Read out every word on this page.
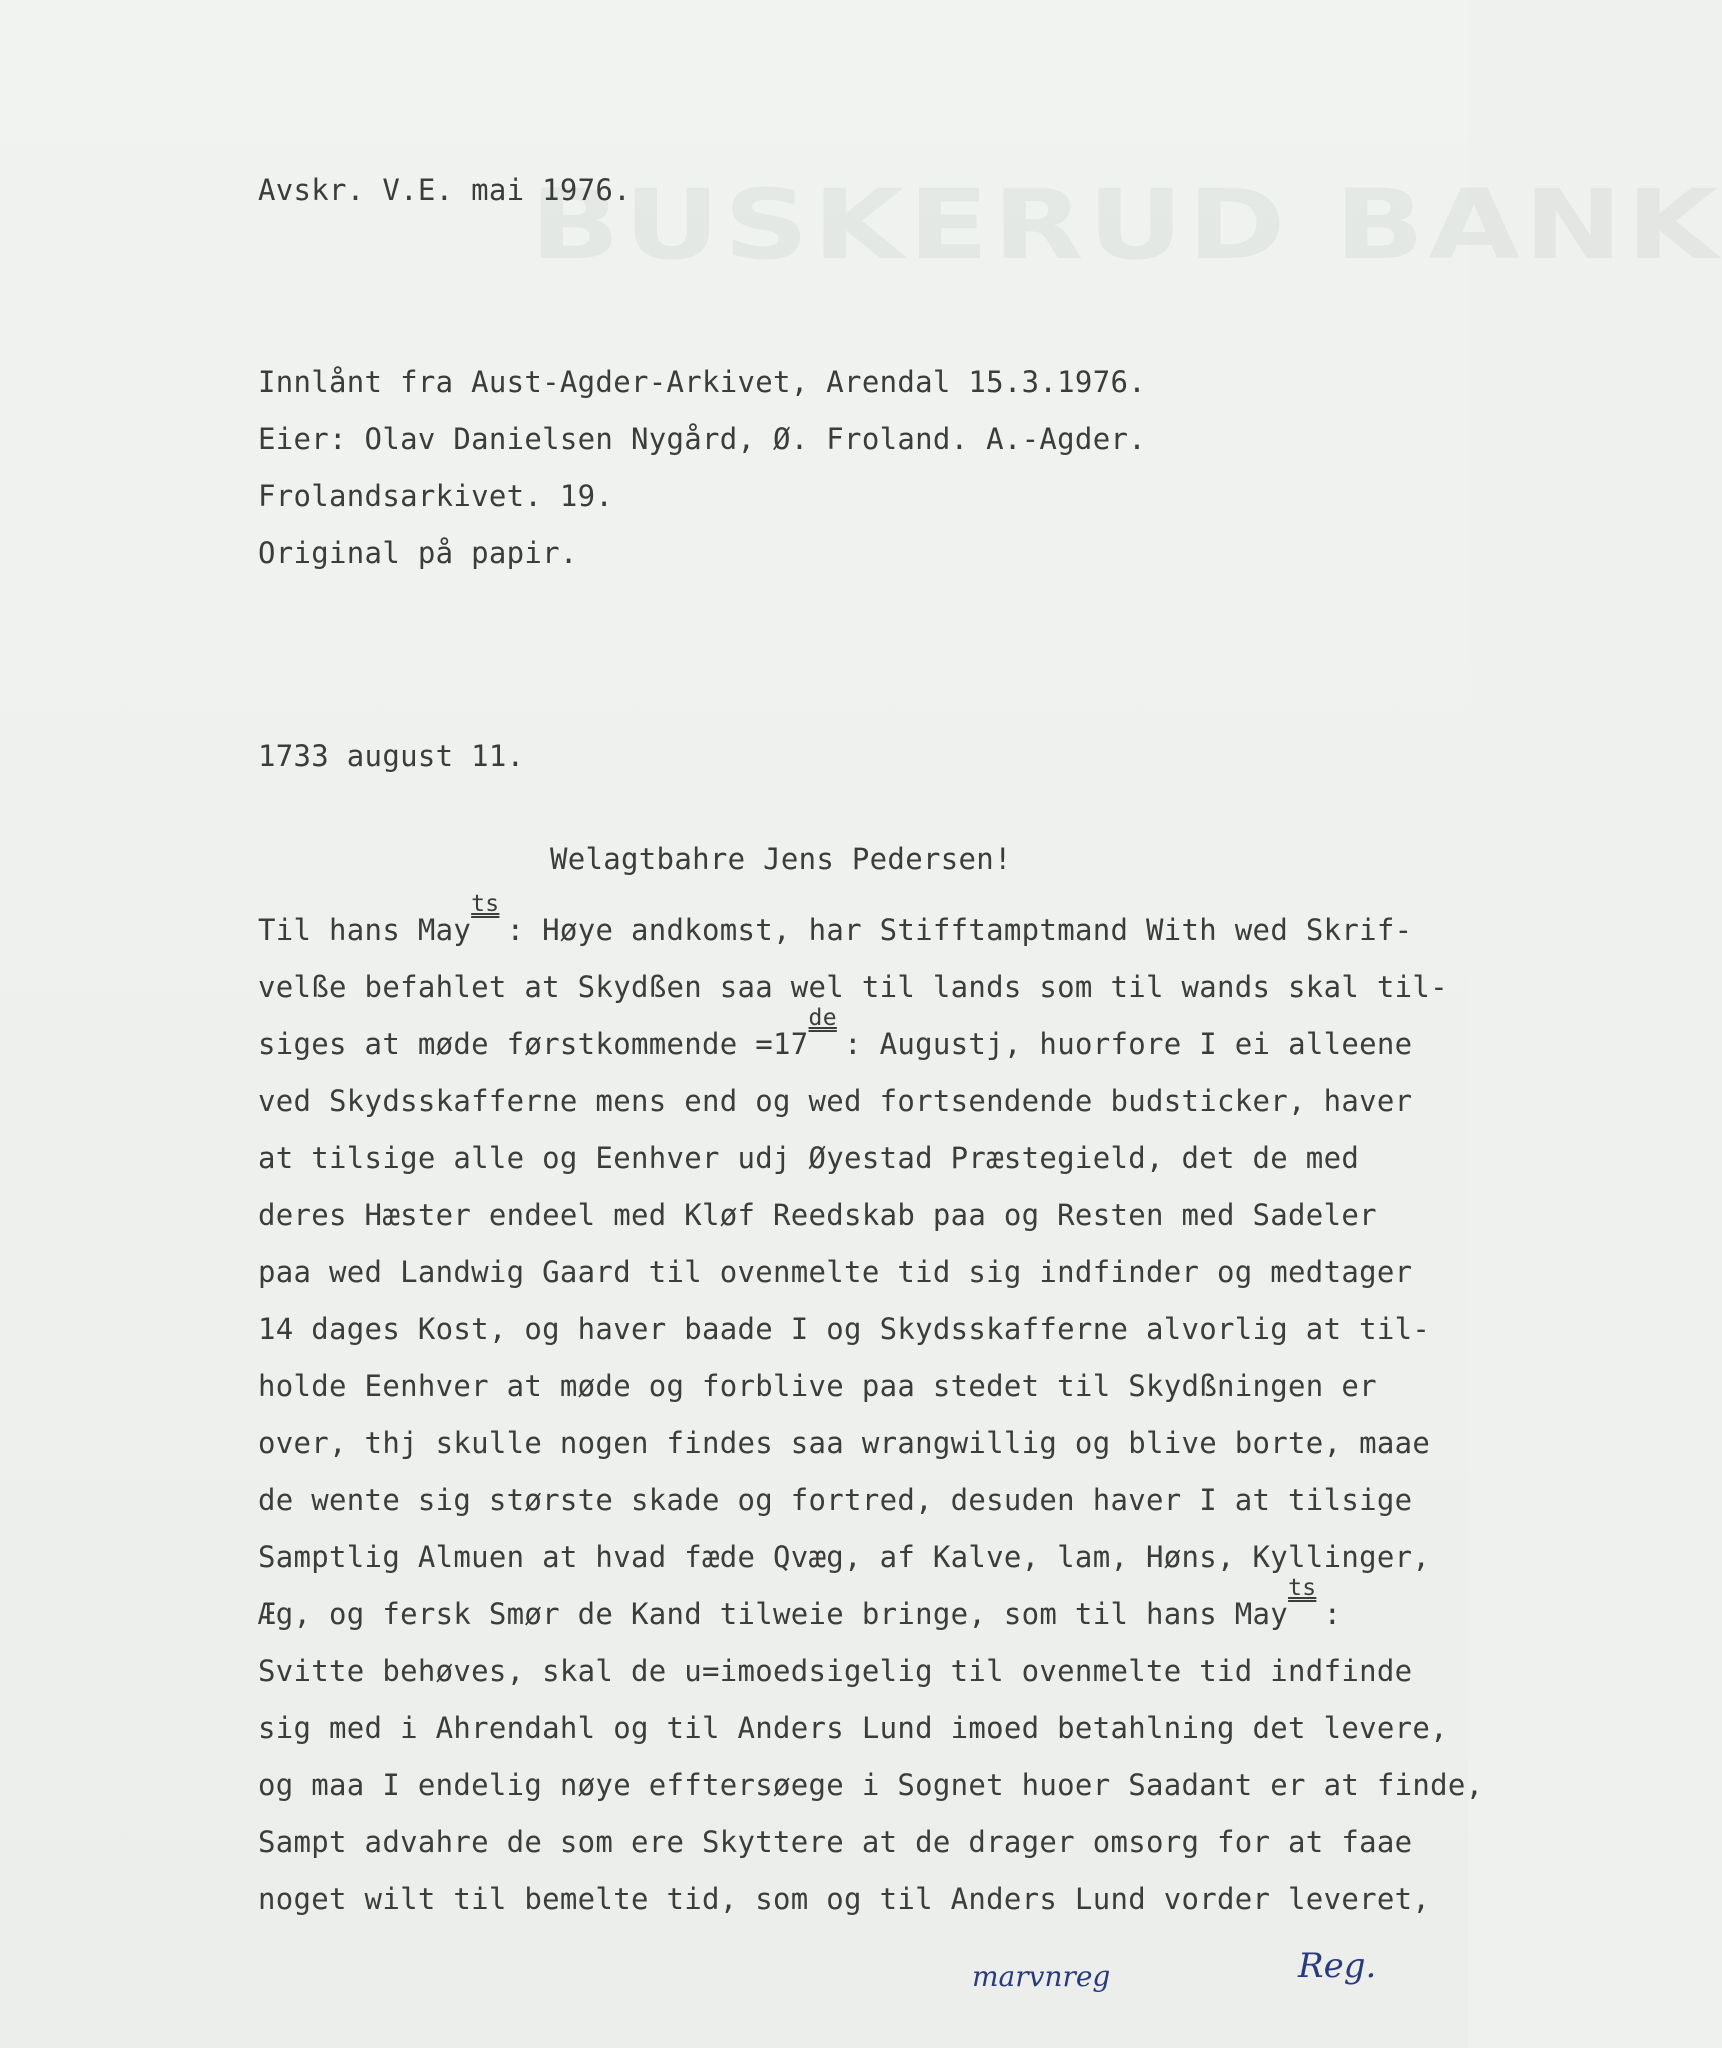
BUSKERUD BANK
Avskr. V.E. mai 1976.
Innlånt fra Aust-Agder-Arkivet, Arendal 15.3.1976.
Eier: Olav Danielsen Nygård, Ø. Froland. A.-Agder.
Frolandsarkivet. 19.
Original på papir.
1733 august 11.
Welagtbahre Jens Pedersen!
Til hans May
ts
​  : Høye andkomst, har Stifftamptmand With wed Skrif-
velße befahlet at Skydßen saa wel til lands som til wands skal til-
siges at møde førstkommende =17
de
​  : Augustj, huorfore I ei alleene
ved Skydsskafferne mens end og wed fortsendende budsticker, haver
at tilsige alle og Eenhver udj Øyestad Præstegield, det de med
deres Hæster endeel med Kløf Reedskab paa og Resten med Sadeler
paa wed Landwig Gaard til ovenmelte tid sig indfinder og medtager
14 dages Kost, og haver baade I og Skydsskafferne alvorlig at til-
holde Eenhver at møde og forblive paa stedet til Skydßningen er
over, thj skulle nogen findes saa wrangwillig og blive borte, maae
de wente sig største skade og fortred, desuden haver I at tilsige
Samptlig Almuen at hvad fæde Qvæg, af Kalve, lam, Høns, Kyllinger,
Æg, og fersk Smør de Kand tilweie bringe, som til hans May
ts
​  :
Svitte behøves, skal de u=imoedsigelig til ovenmelte tid indfinde
sig med i Ahrendahl og til Anders Lund imoed betahlning det levere,
og maa I endelig nøye efftersøege i Sognet huoer Saadant er at finde,
Sampt advahre de som ere Skyttere at de drager omsorg for at faae
noget wilt til bemelte tid, som og til Anders Lund vorder leveret,
marvnreg	Reg.
